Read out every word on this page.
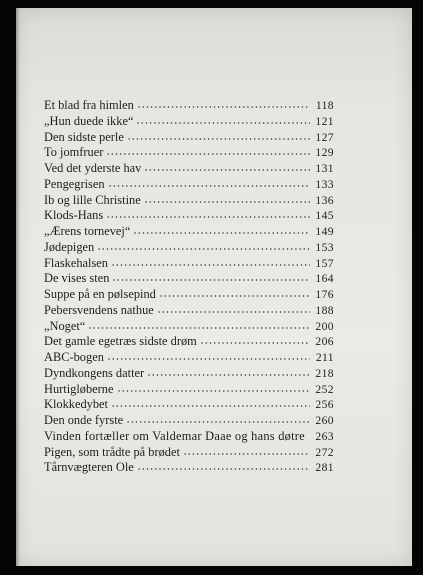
Et blad fra himlen	118
„Hun duede ikke“	121
Den sidste perle	127
To jomfruer	129
Ved det yderste hav	131
Pengegrisen	133
Ib og lille Christine	136
Klods-Hans	145
„Ærens tornevej“	149
Jødepigen	153
Flaskehalsen	157
De vises sten	164
Suppe på en pølsepind	176
Pebersvendens nathue	188
„Noget“	200
Det gamle egetræs sidste drøm	206
ABC-bogen	211
Dyndkongens datter	218
Hurtigløberne	252
Klokkedybet	256
Den onde fyrste	260
Vinden fortæller om Valdemar Daae og hans døtre 263
Pigen, som trådte på brødet	272
Tårnvægteren Ole	281
